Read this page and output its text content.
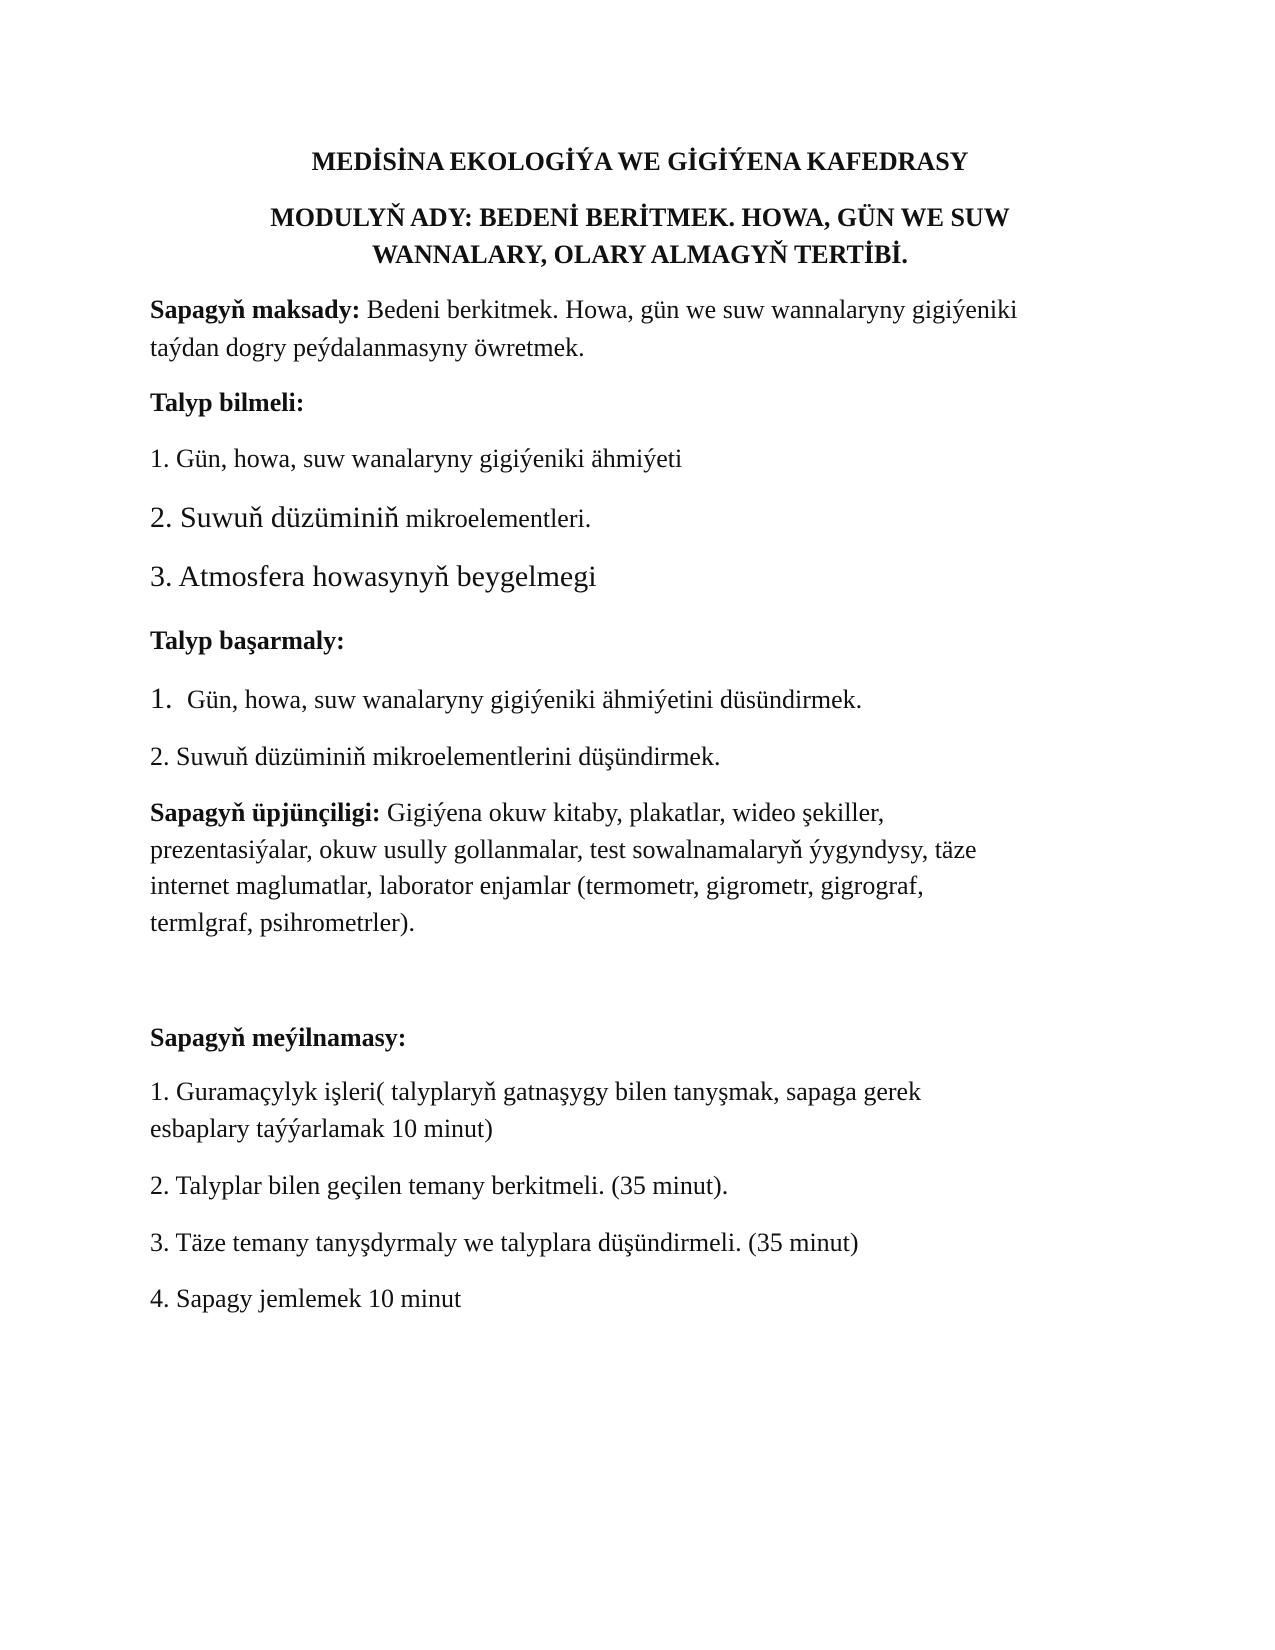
MEDİSİNA EKOLOGİÝA WE GİGİÝENA KAFEDRASY
MODULYŇ ADY: BEDENİ BERİTMEK. HOWA, GÜN WE SUW
WANNALARY, OLARY ALMAGYŇ TERTİBİ.
Sapagyň maksady: Bedeni berkitmek. Howa, gün we suw wannalaryny gigiýeniki
taýdan dogry peýdalanmasyny öwretmek.
Talyp bilmeli:
1. Gün, howa, suw wanalaryny gigiýeniki ähmiýeti
2. Suwuň düzüminiň mikroelementleri.
3. Atmosfera howasynyň beygelmegi
Talyp başarmaly:
1. Gün, howa, suw wanalaryny gigiýeniki ähmiýetini düsündirmek.
2. Suwuň düzüminiň mikroelementlerini düşündirmek.
Sapagyň üpjünçiligi: Gigiýena okuw kitaby, plakatlar, wideo şekiller,
prezentasiýalar, okuw usully gollanmalar, test sowalnamalaryň ýygyndysy, täze
internet maglumatlar, laborator enjamlar (termometr, gigrometr, gigrograf,
termlgraf, psihrometrler).
Sapagyň meýilnamasy:
1. Guramaçylyk işleri( talyplaryň gatnaşygy bilen tanyşmak, sapaga gerek
esbaplary taýýarlamak 10 minut)
2. Talyplar bilen geçilen temany berkitmeli. (35 minut).
3. Täze temany tanyşdyrmaly we talyplara düşündirmeli. (35 minut)
4. Sapagy jemlemek 10 minut
